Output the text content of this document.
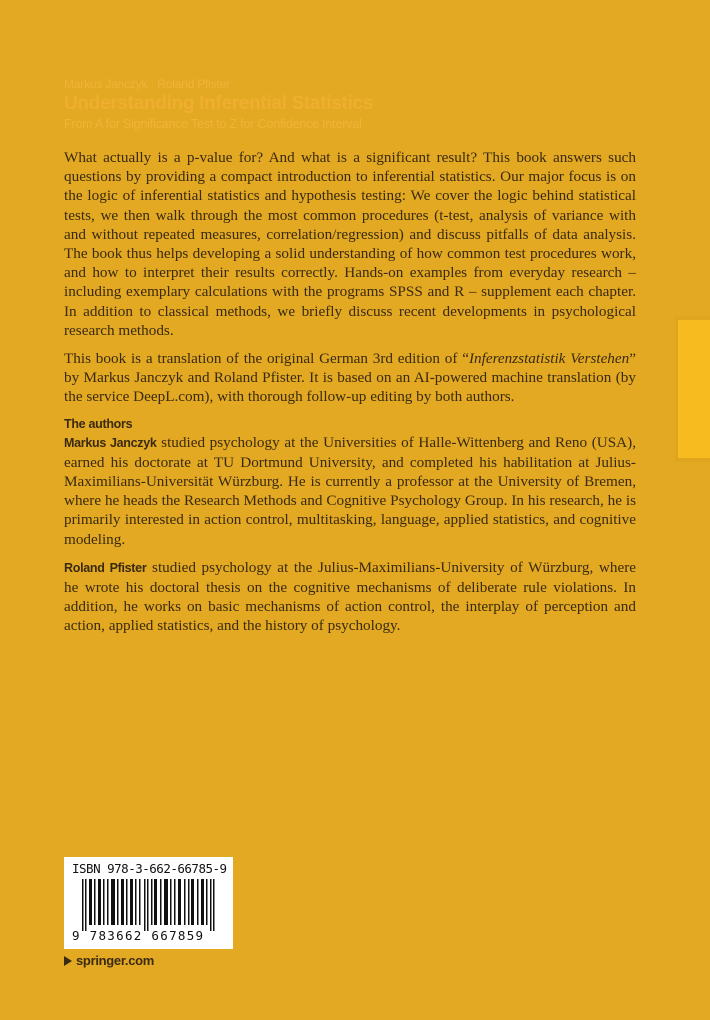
Markus Janczyk · Roland Pfister
Understanding Inferential Statistics
From A for Significance Test to Z for Confidence Interval

What actually is a p-value for? And what is a significant result? This book answers such questions by providing a compact introduction to inferential statistics. Our major focus is on the logic of inferential statistics and hypothesis testing: We cover the logic behind statistical tests, we then walk through the most common procedures (t-test, analysis of variance with and without repeated measures, correlation/regression) and discuss pitfalls of data analysis. The book thus helps developing a solid understanding of how common test procedures work, and how to interpret their results correctly. Hands-on examples from everyday research – including exemplary calculations with the programs SPSS and R – supplement each chapter. In addition to classical methods, we briefly discuss recent developments in psychological research methods.

This book is a translation of the original German 3rd edition of “Inferenzstatistik Verstehen” by Markus Janczyk and Roland Pfister. It is based on an AI-powered machine translation (by the service DeepL.com), with thorough follow-up editing by both authors.

The authors

Markus Janczyk studied psychology at the Universities of Halle-Wittenberg and Reno (USA), earned his doctorate at TU Dortmund University, and completed his habilitation at Julius-Maximilians-Universität Würzburg. He is currently a professor at the University of Bremen, where he heads the Research Methods and Cognitive Psychology Group. In his research, he is primarily interested in action control, multitasking, language, applied statistics, and cognitive modeling.

Roland Pfister studied psychology at the Julius-Maximilians-University of Würzburg, where he wrote his doctoral thesis on the cognitive mechanisms of deliberate rule violations. In addition, he works on basic mechanisms of action control, the interplay of perception and action, applied statistics, and the history of psychology.

ISBN 978-3-662-66785-9
9 783662 667859
springer.com
